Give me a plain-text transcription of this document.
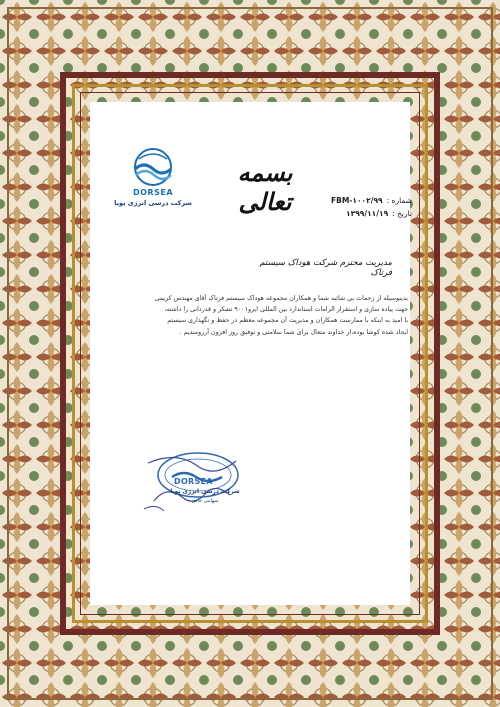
DORSEA
شرکت درسی انرژی پویا
بسمه تعالی	شماره :۹۹/FBM-۱۰۰۲
تاریخ :۱۳۹۹/۱۱/۱۹
مدیریت محترم شرکت هوداک سیستم فرتاک

بدینوسیله از زحمات بی شائبه شما و همکاران مجموعه هوداک سیستم فرتاک آقای مهندس کریمی

جهت پیاده سازی و استقرار الزامات استاندارد بین المللی ایزو۹۰۰۱ تشکر و قدردانی را داشته،

با امید به اینکه با ممارست همکاران و مدیریت آن مجموعه معظم در حفظ و نگهداری سیستم

ایجاد شده کوشا بوده،از خداوند متعال برای شما سلامتی و توفیق روز افزون آرزومندیم .

DORSEA
شرکت درسی انرژی پویا
سهامی خاص
